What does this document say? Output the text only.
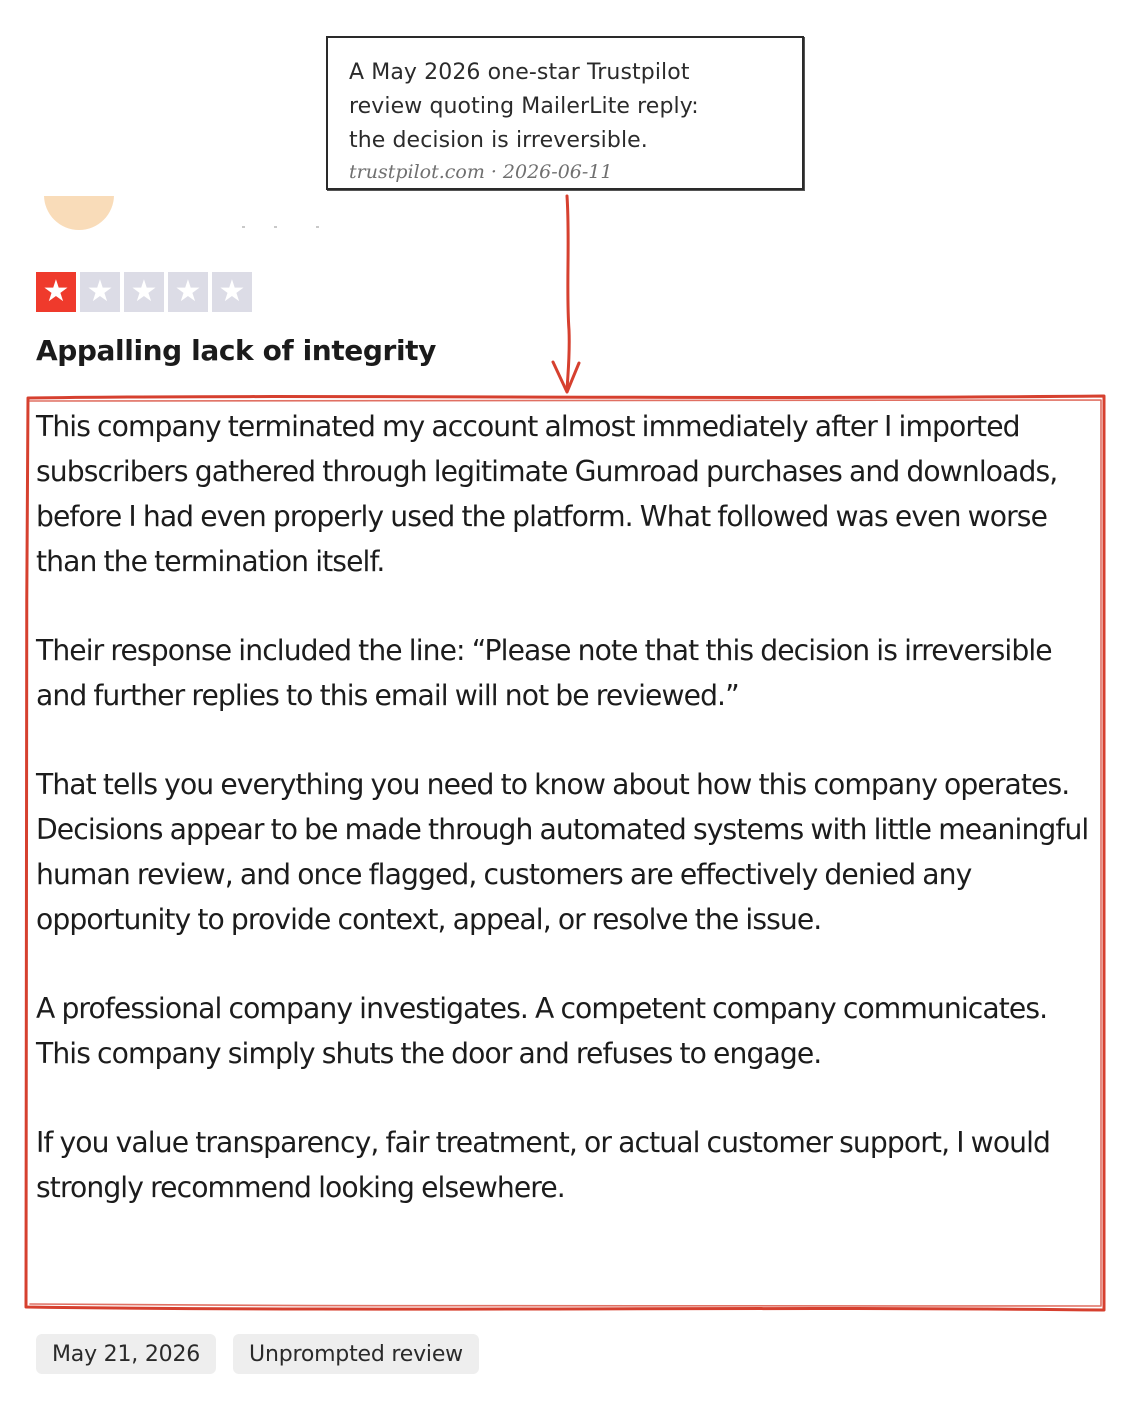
A May 2026 one-star Trustpilot
review quoting MailerLite reply:
the decision is irreversible.

trustpilot.com · 2026-06-11
★ ★ ★ ★ ★
Appalling lack of integrity

This company terminated my account almost immediately after I imported subscribers gathered through legitimate Gumroad purchases and downloads, before I had even properly used the platform. What followed was even worse than the termination itself.

Their response included the line: “Please note that this decision is irreversible and further replies to this email will not be reviewed.”

That tells you everything you need to know about how this company operates. Decisions appear to be made through automated systems with little meaningful human review, and once flagged, customers are effectively denied any opportunity to provide context, appeal, or resolve the issue.

A professional company investigates. A competent company communicates. This company simply shuts the door and refuses to engage.

If you value transparency, fair treatment, or actual customer support, I would strongly recommend looking elsewhere.

May 21, 2026	Unprompted review
